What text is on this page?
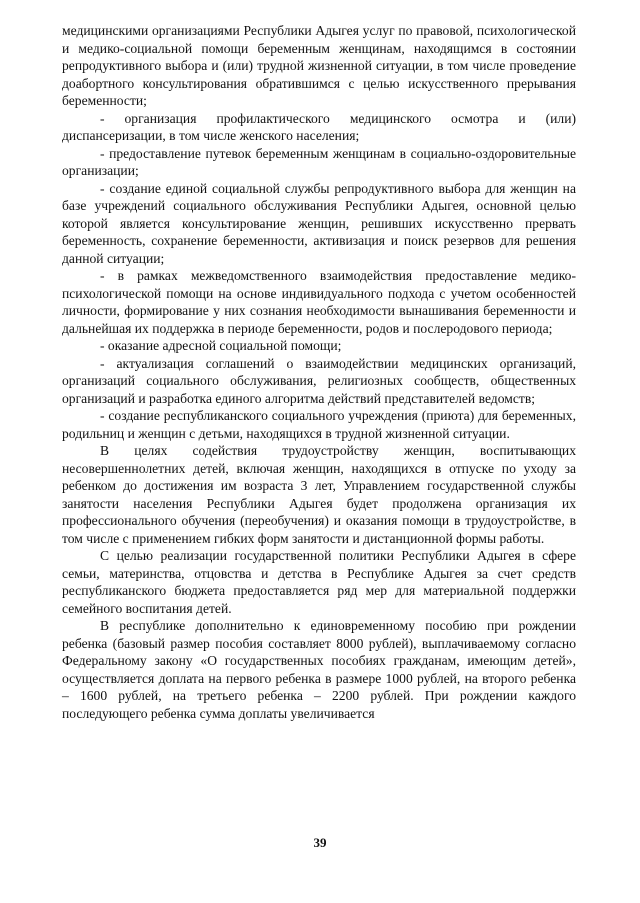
медицинскими организациями Республики Адыгея услуг по правовой, психологической и медико-социальной помощи беременным женщинам, находящимся в состоянии репродуктивного выбора и (или) трудной жизненной ситуации, в том числе проведение доабортного консультирования обратившимся с целью искусственного прерывания беременности;

- организация профилактического медицинского осмотра и (или) диспансеризации, в том числе женского населения;

- предоставление путевок беременным женщинам в социально-оздоровительные организации;

- создание единой социальной службы репродуктивного выбора для женщин на базе учреждений социального обслуживания Республики Адыгея, основной целью которой является консультирование женщин, решивших искусственно прервать беременность, сохранение беременности, активизация и поиск резервов для решения данной ситуации;

- в рамках межведомственного взаимодействия предоставление медико-психологической помощи на основе индивидуального подхода с учетом особенностей личности, формирование у них сознания необходимости вынашивания беременности и дальнейшая их поддержка в периоде беременности, родов и послеродового периода;

- оказание адресной социальной помощи;

- актуализация соглашений о взаимодействии медицинских организаций, организаций социального обслуживания, религиозных сообществ, общественных организаций и разработка единого алгоритма действий представителей ведомств;

- создание республиканского социального учреждения (приюта) для беременных, родильниц и женщин с детьми, находящихся в трудной жизненной ситуации.

В целях содействия трудоустройству женщин, воспитывающих несовершеннолетних детей, включая женщин, находящихся в отпуске по уходу за ребенком до достижения им возраста 3 лет, Управлением государственной службы занятости населения Республики Адыгея будет продолжена организация их профессионального обучения (переобучения) и оказания помощи в трудоустройстве, в том числе с применением гибких форм занятости и дистанционной формы работы.

С целью реализации государственной политики Республики Адыгея в сфере семьи, материнства, отцовства и детства в Республике Адыгея за счет средств республиканского бюджета предоставляется ряд мер для материальной поддержки семейного воспитания детей.

В республике дополнительно к единовременному пособию при рождении ребенка (базовый размер пособия составляет 8000 рублей), выплачиваемому согласно Федеральному закону «О государственных пособиях гражданам, имеющим детей», осуществляется доплата на первого ребенка в размере 1000 рублей, на второго ребенка – 1600 рублей, на третьего ребенка – 2200 рублей. При рождении каждого последующего ребенка сумма доплаты увеличивается

39
